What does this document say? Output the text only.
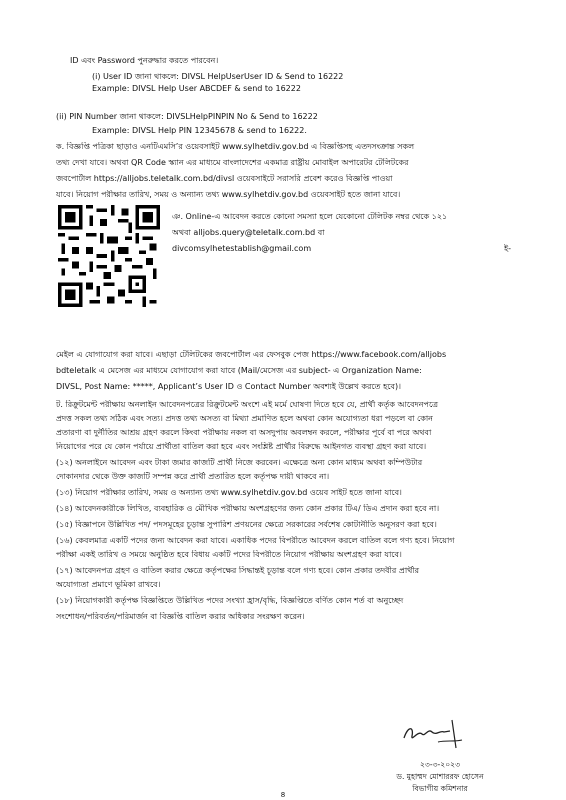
ID এবং Password পুনরুদ্ধার করতে পারবেন।
(i) User ID জানা থাকলে: DIVSL HelpUserUser ID & Send to 16222
Example: DIVSL Help User ABCDEF & send to 16222
(ii) PIN Number জানা থাকলে: DIVSLHelpPINPIN No & Send to 16222
Example: DIVSL Help PIN 12345678 & send to 16222.
ক. বিজ্ঞপ্তি পত্রিকা ছাড়াও এনটিএমসি’র ওয়েবসাইট www.sylhetdiv.gov.bd এ বিজ্ঞপ্তিসহ এতদসংক্রান্ত সকল
তথ্য দেখা যাবে। অথবা QR Code স্ক্যান এর মাধ্যমে বাংলাদেশের একমাত্র রাষ্ট্রীয় মোবাইল অপারেটর টেলিটকের
জবপোর্টাল https://alljobs.teletalk.com.bd/divsl ওয়েবসাইটে সরাসরি প্রবেশ করেও বিজ্ঞপ্তি পাওয়া
যাবে। নিয়োগ পরীক্ষার তারিখ, সময় ও অন্যান্য তথ্য www.sylhetdiv.gov.bd ওয়েবসাইট হতে জানা যাবে।
ঞ. Online-এ আবেদন করতে কোনো সমস্যা হলে যেকোনো টেলিটক নম্বর থেকে ১২১
অথবা alljobs.query@teletalk.com.bd বা
divcomsylhetestablish@gmail.com	ই-
মেইল এ যোগাযোগ করা যাবে। এছাড়া টেলিটকের জবপোর্টাল এর ফেসবুক পেজ https://www.facebook.com/alljobs
bdteletalk এ মেসেজ এর মাধ্যমে যোগাযোগ করা যাবে (Mail/মেসেজ এর subject- এ Organization Name:
DIVSL, Post Name: *****, Applicant’s User ID ও Contact Number অবশ্যই উল্লেখ করতে হবে)।
ট. রিক্রুটমেন্ট পরীক্ষায় অনলাইন আবেদনপত্রের রিক্রুটমেন্ট অংশে এই মর্মে ঘোষণা দিতে হবে যে, প্রার্থী কর্তৃক আবেদনপত্রে
প্রদত্ত সকল তথ্য সঠিক এবং সত্য। প্রদত্ত তথ্য অসত্য বা মিথ্যা প্রমাণিত হলে অথবা কোন অযোগ্যতা ধরা পড়লে বা কোন
প্রতারণা বা দুর্নীতির আশ্রয় গ্রহণ করলে কিংবা পরীক্ষায় নকল বা অসদুপায় অবলম্বন করলে, পরীক্ষার পূর্বে বা পরে অথবা
নিয়োগের পরে যে কোন পর্যায়ে প্রার্থীতা বাতিল করা হবে এবং সংশ্লিষ্ট প্রার্থীর বিরুদ্ধে আইনগত ব্যবস্থা গ্রহণ করা যাবে।
(১২) অনলাইনে আবেদন এবং টাকা জমার কাজটি প্রার্থী নিজে করবেন। এক্ষেত্রে অন্য কোন মাধ্যম অথবা কম্পিউটার
দোকানদার থেকে উক্ত কাজটি সম্পন্ন করে প্রার্থী প্রতারিত হলে কর্তৃপক্ষ দায়ী থাকবে না।
(১৩) নিয়োগ পরীক্ষার তারিখ, সময় ও অন্যান্য তথ্য www.sylhetdiv.gov.bd ওয়েব সাইট হতে জানা যাবে।
(১৪) আবেদনকারীকে লিখিত, ব্যবহারিক ও মৌখিক পরীক্ষায় অংশগ্রহণের জন্য কোন প্রকার টিএ/ ডিএ প্রদান করা হবে না।
(১৫) বিজ্ঞাপনে উল্লিখিত পদ/ পদসমূহের চূড়ান্ত সুপারিশ প্রণয়নের ক্ষেত্রে সরকারের সর্বশেষ কোটানীতি অনুসরণ করা হবে।
(১৬) কেবলমাত্র একটি পদের জন্য আবেদন করা যাবে। একাধিক পদের বিপরীতে আবেদন করলে বাতিল বলে গণ্য হবে। নিয়োগ
পরীক্ষা একই তারিখ ও সময়ে অনুষ্ঠিত হবে বিধায় একটি পদের বিপরীতে নিয়োগ পরীক্ষায় অংশগ্রহণ করা যাবে।
(১৭) আবেদনপত্র গ্রহণ ও বাতিল করার ক্ষেত্রে কর্তৃপক্ষের সিদ্ধান্তই চূড়ান্ত বলে গণ্য হবে। কোন প্রকার তদবীর প্রার্থীর
অযোগ্যতা প্রমাণে ভূমিকা রাখবে।
(১৮) নিয়োগকারী কর্তৃপক্ষ বিজ্ঞপ্তিতে উল্লিখিত পদের সংখ্যা হ্রাস/বৃদ্ধি, বিজ্ঞপ্তিতে বর্ণিত কোন শর্ত বা অনুচ্ছেদ
সংশোধন/পরিবর্তন/পরিমার্জন বা বিজ্ঞপ্তি বাতিল করার অধিকার সংরক্ষণ করেন।
২৩-৩-২০২৩
ড. মুহাম্মদ মোশাররফ হোসেন
বিভাগীয় কমিশনার
8
